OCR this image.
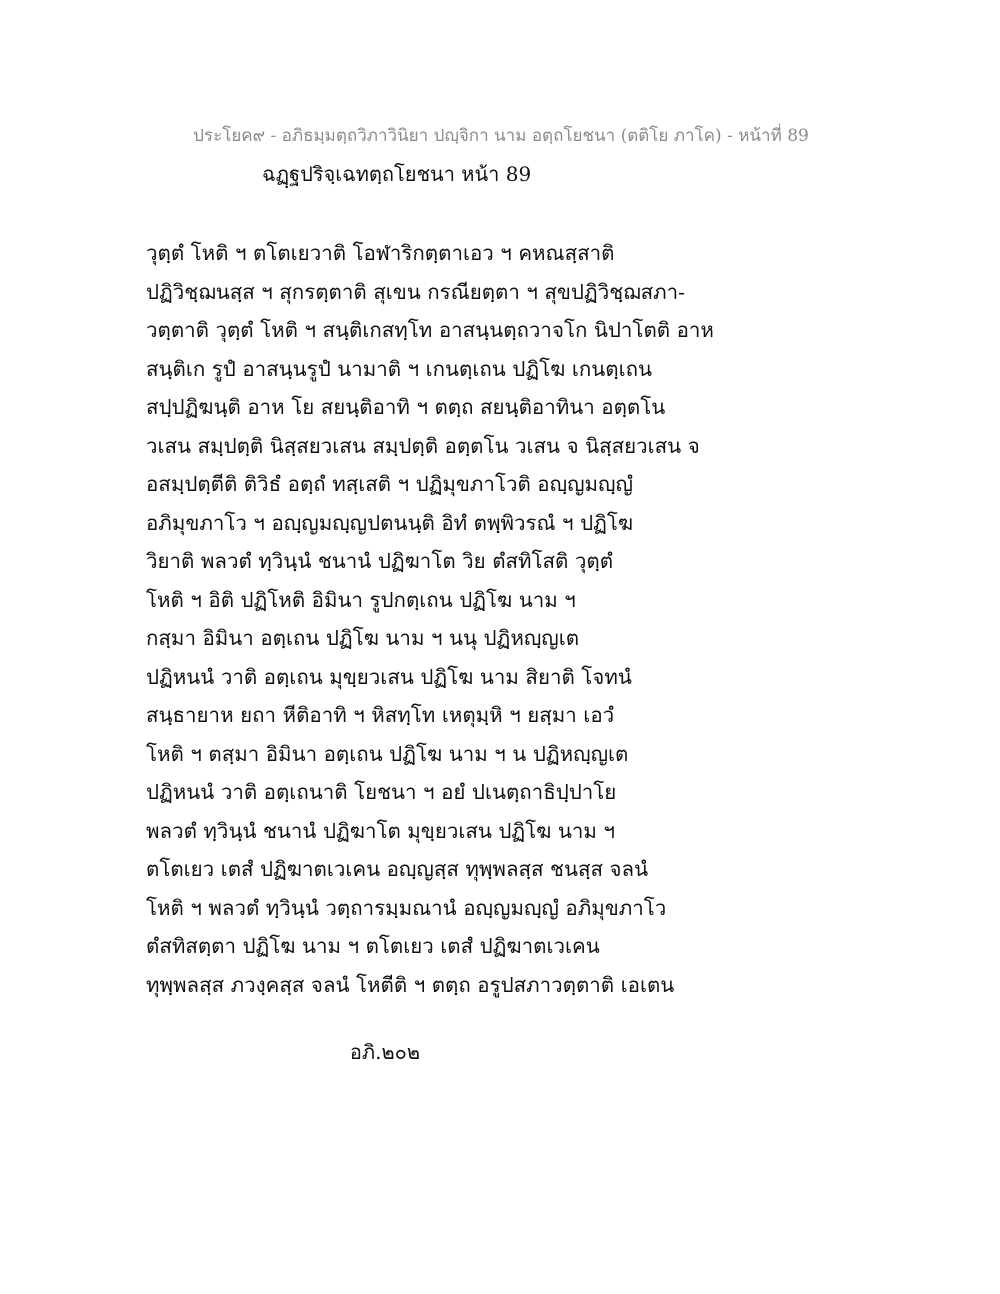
ประโยค๙ - อภิธมฺมตฺถวิภาวินิยา ปญฺจิกา นาม อตฺถโยชนา (ตติโย ภาโค) - หน้าที่ 89
ฉฏฺฐปริจฺเฉทตฺถโยชนา หน้า 89
วุตฺตํ โหติ ฯ ตโตเยวาติ โอฬาริกตฺตาเอว ฯ คหณสฺสาติ
ปฏิวิชฺฌนสฺส ฯ สุกรตฺตาติ สุเขน กรณียตฺตา ฯ สุขปฏิวิชฺฌสภา-
วตฺตาติ วุตฺตํ โหติ ฯ สนฺติเกสทฺโท อาสนฺนตฺถวาจโก นิปาโตติ อาห
สนฺติเก รูปํ อาสนฺนรูปํ นามาติ ฯ เกนตฺเถน ปฏิโฆ เกนตฺเถน
สปฺปฏิฆนฺติ อาห โย สยนฺติอาทิ ฯ ตตฺถ สยนฺติอาทินา อตฺตโน
วเสน สมฺปตฺติ นิสฺสยวเสน สมฺปตฺติ อตฺตโน วเสน จ นิสฺสยวเสน จ
อสมฺปตฺตีติ ติวิธํ อตฺถํ ทสฺเสติ ฯ ปฏิมุขภาโวติ อญฺญมญฺญํ
อภิมุขภาโว ฯ อญฺญมญฺญปตนนฺติ อิทํ ตพฺพิวรณํ ฯ ปฏิโฆ
วิยาติ พลวตํ ทฺวินฺนํ ชนานํ ปฏิฆาโต วิย ตํสทิโสติ วุตฺตํ
โหติ ฯ อิติ ปฏิโหติ อิมินา รูปกตฺเถน ปฏิโฆ นาม ฯ
กสฺมา อิมินา อตฺเถน ปฏิโฆ นาม ฯ นนุ ปฏิหญฺญเต
ปฏิหนนํ วาติ อตฺเถน มุขฺยวเสน ปฏิโฆ นาม สิยาติ โจทนํ
สนฺธายาห ยถา หีติอาทิ ฯ หิสทฺโท เหตุมฺหิ ฯ ยสฺมา เอวํ
โหติ ฯ ตสฺมา อิมินา อตฺเถน ปฏิโฆ นาม ฯ น ปฏิหญฺญเต
ปฏิหนนํ วาติ อตฺเถนาติ โยชนา ฯ อยํ ปเนตฺถาธิปฺปาโย
พลวตํ ทฺวินฺนํ ชนานํ ปฏิฆาโต มุขฺยวเสน ปฏิโฆ นาม ฯ
ตโตเยว เตสํ ปฏิฆาตเวเคน อญฺญสฺส ทุพฺพลสฺส ชนสฺส จลนํ
โหติ ฯ พลวตํ ทฺวินฺนํ วตฺถารมฺมณานํ อญฺญมญฺญํ อภิมุขภาโว
ตํสทิสตฺตา ปฏิโฆ นาม ฯ ตโตเยว เตสํ ปฏิฆาตเวเคน
ทุพฺพลสฺส ภวงฺคสฺส จลนํ โหตีติ ฯ ตตฺถ อรูปสภาวตฺตาติ เอเตน
อภิ.๒๐๒
